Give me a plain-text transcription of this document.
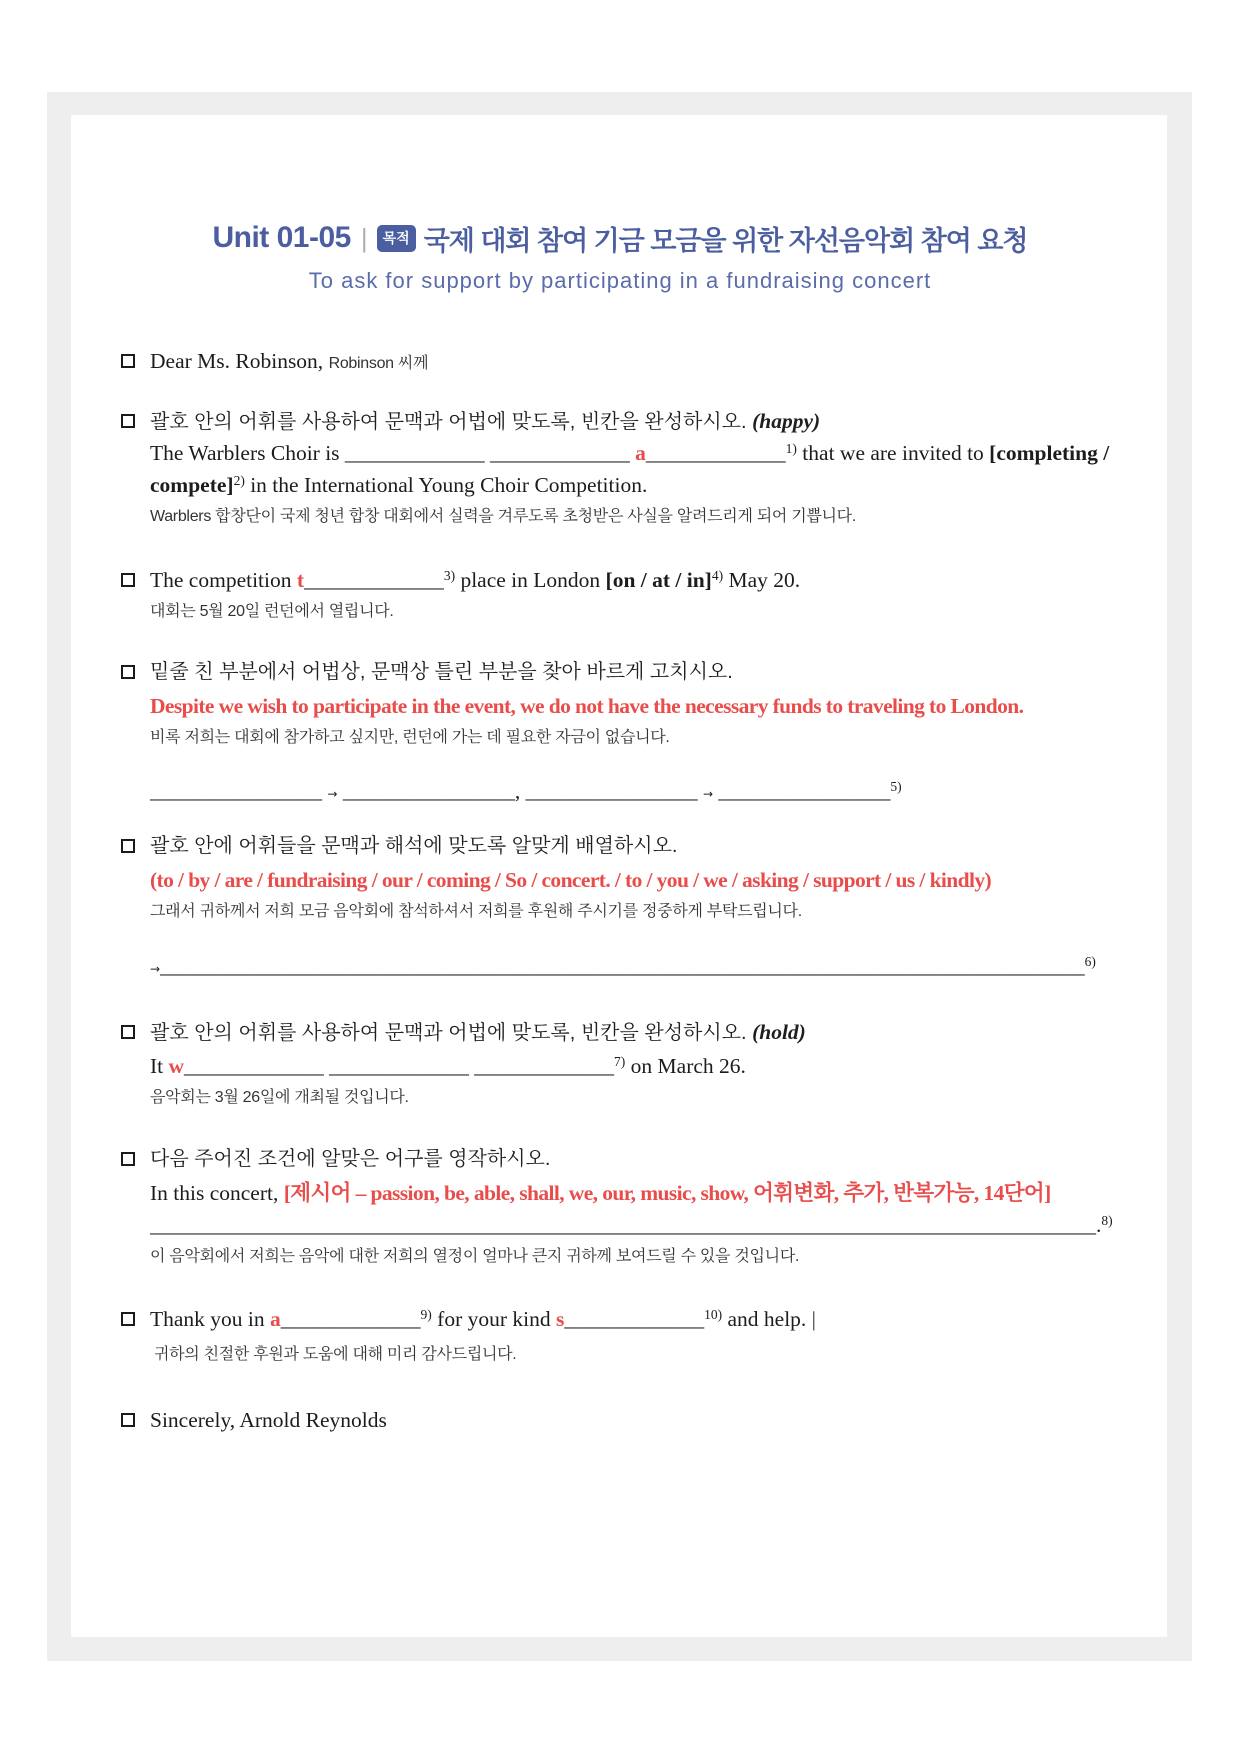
Unit 01-05 |	목적 국제 대회 참여 기금 모금을 위한 자선음악회 참여 요청
To ask for support by participating in a fundraising concert
Dear Ms. Robinson, Robinson 씨께
괄호 안의 어휘를 사용하여 문맥과 어법에 맞도록, 빈칸을 완성하시오. (happy)
The Warblers Choir is _____________ _____________ a_____________$^{1)}$ that we are invited to [completing /
compete]$^{2)}$ in the International Young Choir Competition.
Warblers 합창단이 국제 청년 합창 대회에서 실력을 겨루도록 초청받은 사실을 알려드리게 되어 기쁩니다.
The competition t_____________$^{3)}$ place in London [on / at / in]$^{4)}$ May 20.
대회는 5월 20일 런던에서 열립니다.
밑줄 친 부분에서 어법상, 문맥상 틀린 부분을 찾아 바르게 고치시오.
Despite we wish to participate in the event, we do not have the necessary funds to traveling to London.
비록 저희는 대회에 참가하고 싶지만, 런던에 가는 데 필요한 자금이 없습니다.
________________ → ________________, ________________ → ________________$^{5)}$
괄호 안에 어휘들을 문맥과 해석에 맞도록 알맞게 배열하시오.
(to / by / are / fundraising / our / coming / So / concert. / to / you / we / asking / support / us / kindly)
그래서 귀하께서 저희 모금 음악회에 참석하셔서 저희를 후원해 주시기를 정중하게 부탁드립니다.
→______________________________________________________________________________________$^{6)}$
괄호 안의 어휘를 사용하여 문맥과 어법에 맞도록, 빈칸을 완성하시오. (hold)
It w_____________ _____________ _____________$^{7)}$ on March 26.
음악회는 3월 26일에 개최될 것입니다.
다음 주어진 조건에 알맞은 어구를 영작하시오.
In this concert, [제시어 – passion, be, able, shall, we, our, music, show, 어휘변화, 추가, 반복가능, 14단어]
________________________________________________________________________________________.$^{8)}$
이 음악회에서 저희는 음악에 대한 저희의 열정이 얼마나 큰지 귀하께 보여드릴 수 있을 것입니다.
Thank you in a_____________$^{9)}$ for your kind s_____________$^{10)}$ and help. |
귀하의 친절한 후원과 도움에 대해 미리 감사드립니다.
Sincerely, Arnold Reynolds
